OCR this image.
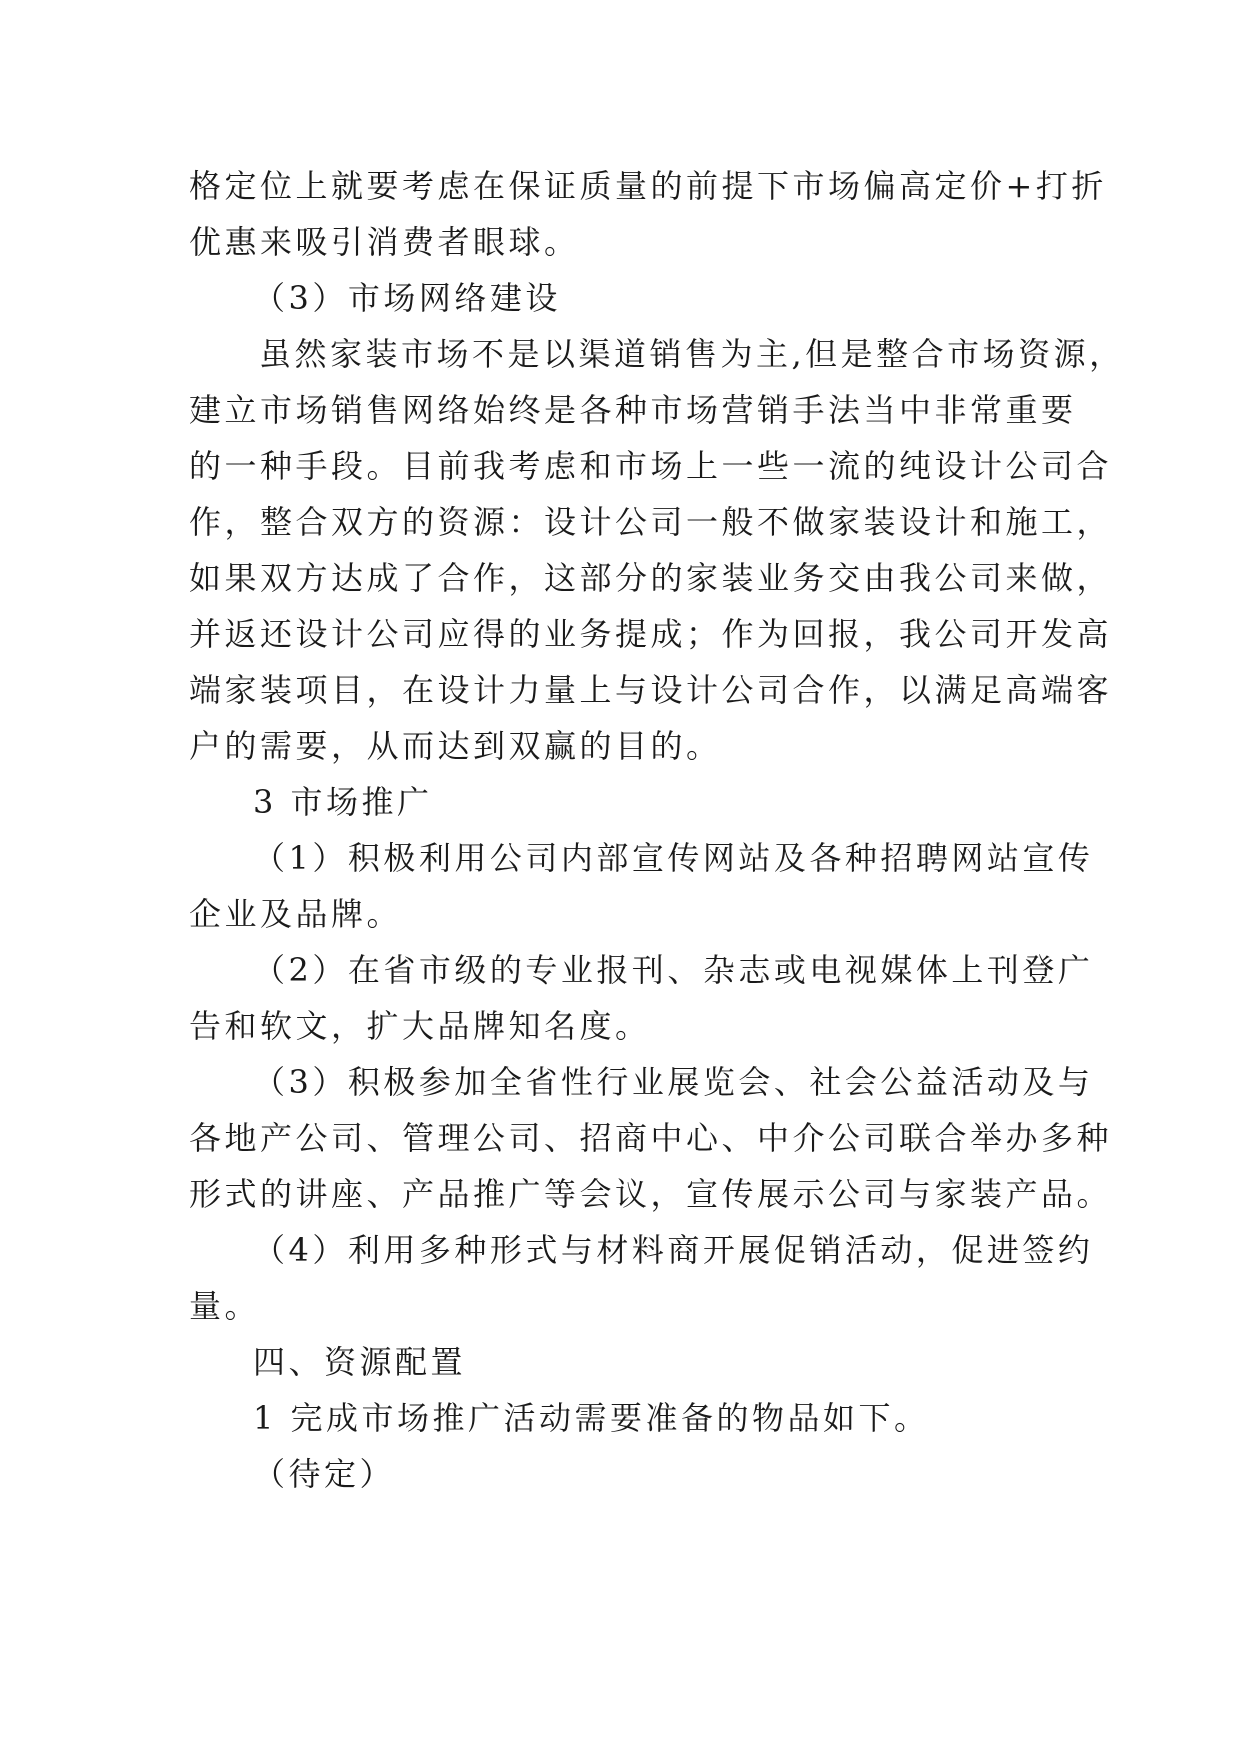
格定位上就要考虑在保证质量的前提下市场偏高定价+打折
优惠来吸引消费者眼球。
（3）市场网络建设
虽然家装市场不是以渠道销售为主,但是整合市场资源，
建立市场销售网络始终是各种市场营销手法当中非常重要
的一种手段。目前我考虑和市场上一些一流的纯设计公司合
作，整合双方的资源：设计公司一般不做家装设计和施工，
如果双方达成了合作，这部分的家装业务交由我公司来做，
并返还设计公司应得的业务提成；作为回报，我公司开发高
端家装项目，在设计力量上与设计公司合作，以满足高端客
户的需要，从而达到双赢的目的。
3 市场推广
（1）积极利用公司内部宣传网站及各种招聘网站宣传
企业及品牌。
（2）在省市级的专业报刊、杂志或电视媒体上刊登广
告和软文，扩大品牌知名度。
（3）积极参加全省性行业展览会、社会公益活动及与
各地产公司、管理公司、招商中心、中介公司联合举办多种
形式的讲座、产品推广等会议，宣传展示公司与家装产品。
（4）利用多种形式与材料商开展促销活动，促进签约
量。
四、资源配置
1 完成市场推广活动需要准备的物品如下。
（待定）
